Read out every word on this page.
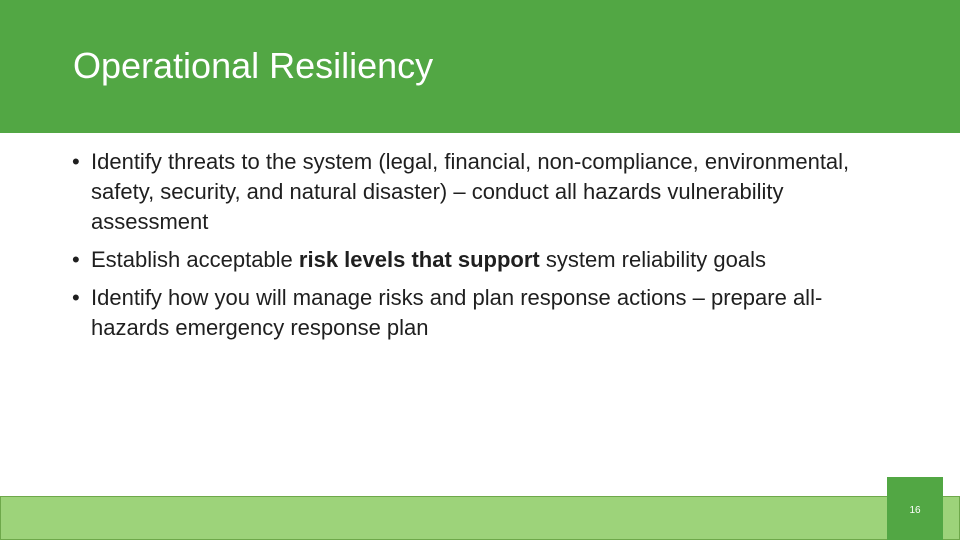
Operational Resiliency
• Identify threats to the system (legal, financial, non-compliance, environmental, safety, security, and natural disaster) – conduct all hazards vulnerability assessment
• Establish acceptable risk levels that support system reliability goals
• Identify how you will manage risks and plan response actions – prepare all-hazards emergency response plan
16
